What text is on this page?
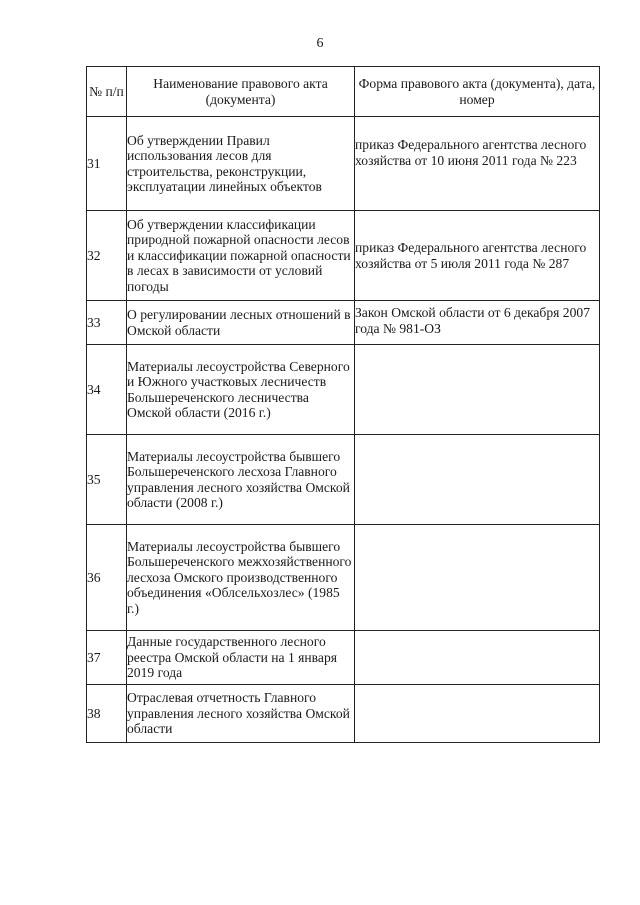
6
№ п/п	Наименование правового акта (документа)	Форма правового акта (документа), дата, номер
31	Об утверждении Правил использования лесов для строительства, реконструкции, эксплуатации линейных объектов	приказ Федерального агентства лесного хозяйства от 10 июня 2011 года № 223
32	Об утверждении классификации природной пожарной опасности лесов и классификации пожарной опасности в лесах в зависимости от условий погоды	приказ Федерального агентства лесного хозяйства от 5 июля 2011 года № 287
33	О регулировании лесных отношений в Омской области	Закон Омской области от 6 декабря 2007 года № 981-ОЗ
34	Материалы лесоустройства Северного и Южного участковых лесничеств Большереченского лесничества Омской области (2016 г.)	
35	Материалы лесоустройства бывшего Большереченского лесхоза Главного управления лесного хозяйства Омской области (2008 г.)	
36	Материалы лесоустройства бывшего Большереченского межхозяйственного лесхоза Омского производственного объединения «Облсельхозлес» (1985 г.)	
37	Данные государственного лесного реестра Омской области на 1 января 2019 года	
38	Отраслевая отчетность Главного управления лесного хозяйства Омской области	
